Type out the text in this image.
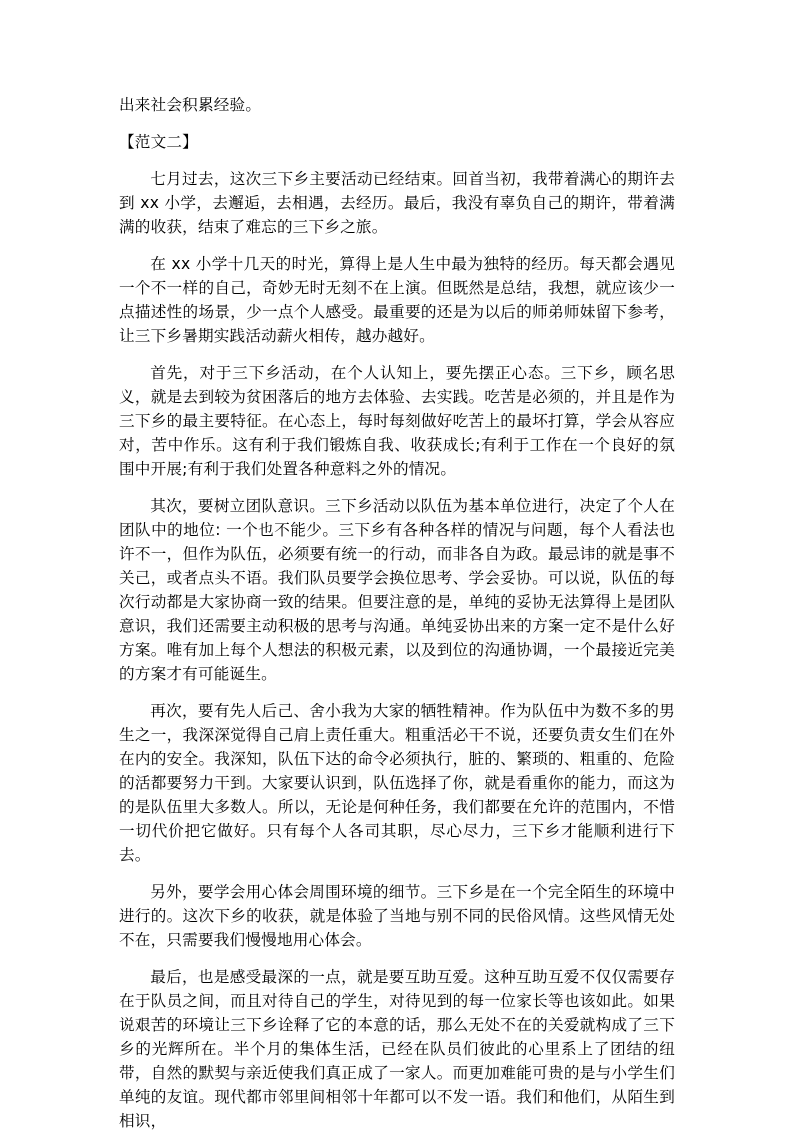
出来社会积累经验。

【范文二】

七月过去，这次三下乡主要活动已经结束。回首当初，我带着满心的期许去到 xx 小学，去邂逅，去相遇，去经历。最后，我没有辜负自己的期许，带着满满的收获，结束了难忘的三下乡之旅。

在 xx 小学十几天的时光，算得上是人生中最为独特的经历。每天都会遇见一个不一样的自己，奇妙无时无刻不在上演。但既然是总结，我想，就应该少一点描述性的场景，少一点个人感受。最重要的还是为以后的师弟师妹留下参考，让三下乡暑期实践活动薪火相传，越办越好。

首先，对于三下乡活动，在个人认知上，要先摆正心态。三下乡，顾名思义，就是去到较为贫困落后的地方去体验、去实践。吃苦是必须的，并且是作为三下乡的最主要特征。在心态上，每时每刻做好吃苦上的最坏打算，学会从容应对，苦中作乐。这有利于我们锻炼自我、收获成长;有利于工作在一个良好的氛围中开展;有利于我们处置各种意料之外的情况。

其次，要树立团队意识。三下乡活动以队伍为基本单位进行，决定了个人在团队中的地位: 一个也不能少。三下乡有各种各样的情况与问题，每个人看法也许不一，但作为队伍，必须要有统一的行动，而非各自为政。最忌讳的就是事不关己，或者点头不语。我们队员要学会换位思考、学会妥协。可以说，队伍的每次行动都是大家协商一致的结果。但要注意的是，单纯的妥协无法算得上是团队意识，我们还需要主动积极的思考与沟通。单纯妥协出来的方案一定不是什么好方案。唯有加上每个人想法的积极元素，以及到位的沟通协调，一个最接近完美的方案才有可能诞生。

再次，要有先人后己、舍小我为大家的牺牲精神。作为队伍中为数不多的男生之一，我深深觉得自己肩上责任重大。粗重活必干不说，还要负责女生们在外在内的安全。我深知，队伍下达的命令必须执行，脏的、繁琐的、粗重的、危险的活都要努力干到。大家要认识到，队伍选择了你，就是看重你的能力，而这为的是队伍里大多数人。所以，无论是何种任务，我们都要在允许的范围内，不惜一切代价把它做好。只有每个人各司其职，尽心尽力，三下乡才能顺利进行下去。

另外，要学会用心体会周围环境的细节。三下乡是在一个完全陌生的环境中进行的。这次下乡的收获，就是体验了当地与别不同的民俗风情。这些风情无处不在，只需要我们慢慢地用心体会。

最后，也是感受最深的一点，就是要互助互爱。这种互助互爱不仅仅需要存在于队员之间，而且对待自己的学生，对待见到的每一位家长等也该如此。如果说艰苦的环境让三下乡诠释了它的本意的话，那么无处不在的关爱就构成了三下乡的光辉所在。半个月的集体生活，已经在队员们彼此的心里系上了团结的纽带，自然的默契与亲近使我们真正成了一家人。而更加难能可贵的是与小学生们单纯的友谊。现代都市邻里间相邻十年都可以不发一语。我们和他们，从陌生到相识，
